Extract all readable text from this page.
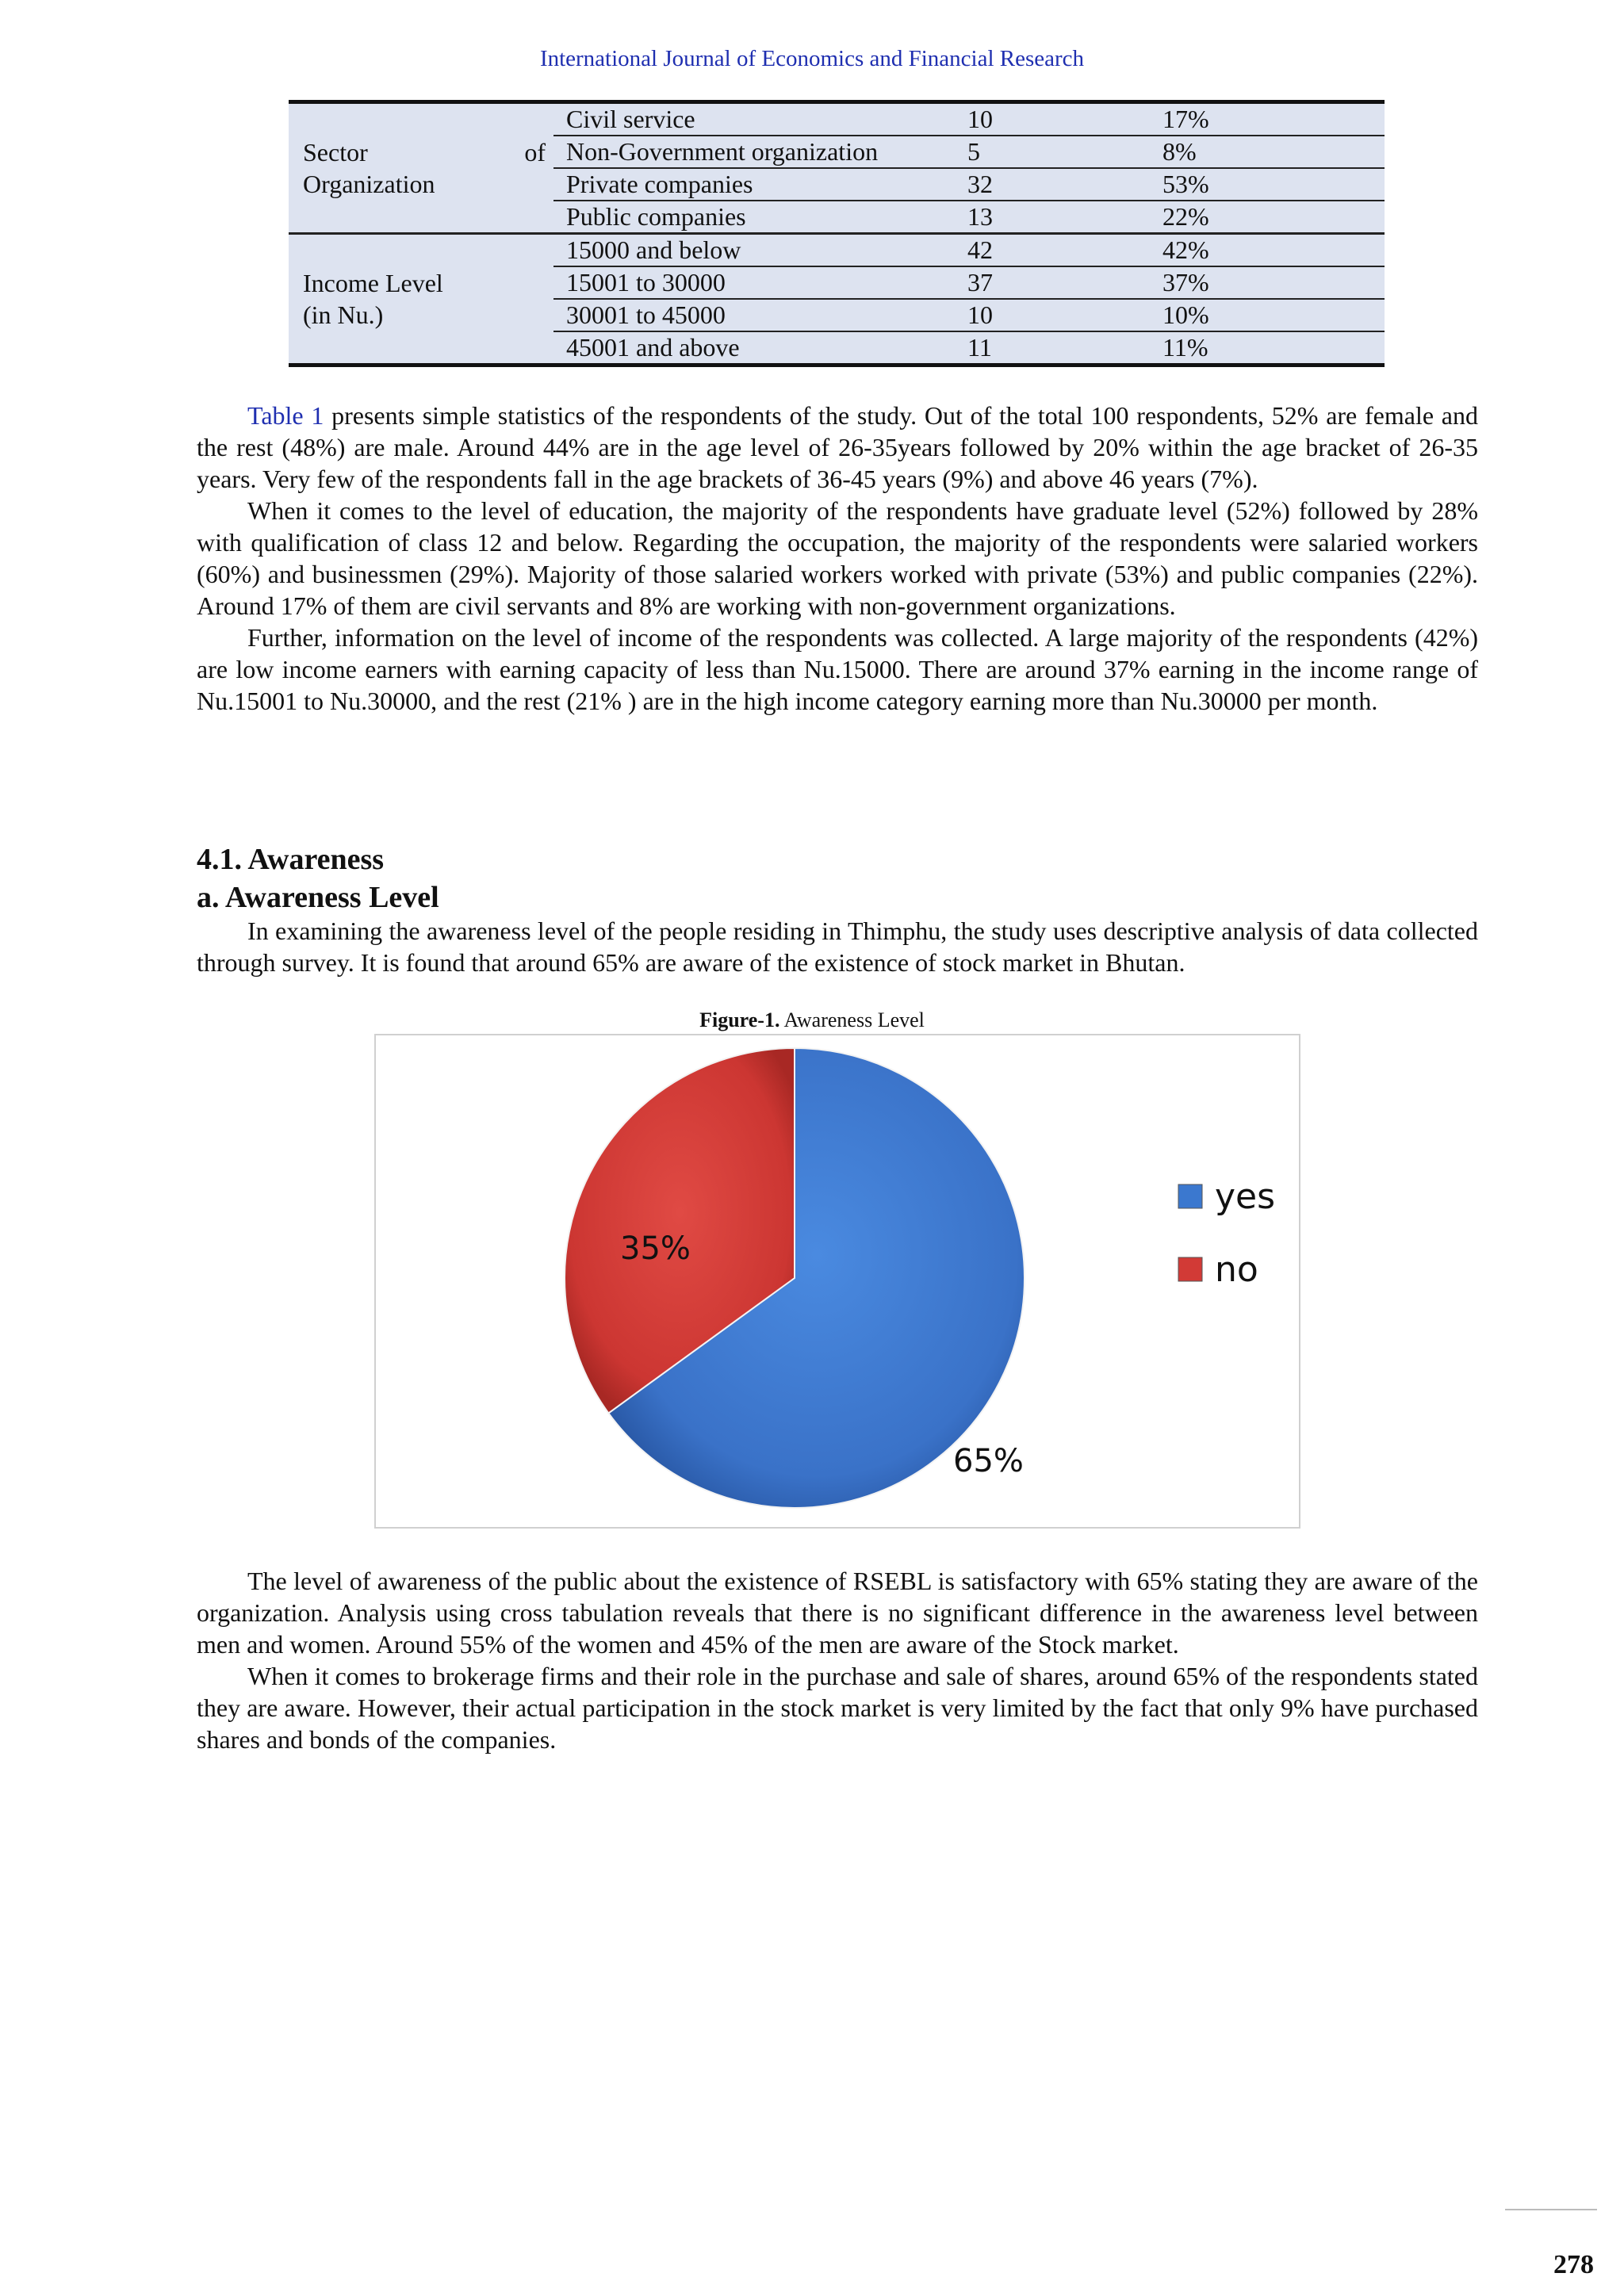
International Journal of Economics and Financial Research
Sector of
Organization	Civil service	10	17%
	Non-Government organization	5	8%
	Private companies	32	53%
	Public companies	13	22%

Income Level
(in Nu.)	15000 and below	42	42%
	15001 to 30000	37	37%
	30001 to 45000	10	10%
	45001 and above	11	11%

Table 1 presents simple statistics of the respondents of the study. Out of the total 100 respondents, 52% are female and the rest (48%) are male. Around 44% are in the age level of 26-35years followed by 20% within the age bracket of 26-35 years. Very few of the respondents fall in the age brackets of 36-45 years (9%) and above 46 years (7%).

When it comes to the level of education, the majority of the respondents have graduate level (52%) followed by 28% with qualification of class 12 and below. Regarding the occupation, the majority of the respondents were salaried workers (60%) and businessmen (29%). Majority of those salaried workers worked with private (53%) and public companies (22%). Around 17% of them are civil servants and 8% are working with non-government organizations.

Further, information on the level of income of the respondents was collected. A large majority of the respondents (42%) are low income earners with earning capacity of less than Nu.15000. There are around 37% earning in the income range of Nu.15001 to Nu.30000, and the rest (21% ) are in the high income category earning more than Nu.30000 per month.

4.1. Awareness
a. Awareness Level

In examining the awareness level of the people residing in Thimphu, the study uses descriptive analysis of data collected through survey. It is found that around 65% are aware of the existence of stock market in Bhutan.

Figure-1. Awareness Level
65%
35%
yes
no

The level of awareness of the public about the existence of RSEBL is satisfactory with 65% stating they are aware of the organization. Analysis using cross tabulation reveals that there is no significant difference in the awareness level between men and women. Around 55% of the women and 45% of the men are aware of the Stock market.

When it comes to brokerage firms and their role in the purchase and sale of shares, around 65% of the respondents stated they are aware. However, their actual participation in the stock market is very limited by the fact that only 9% have purchased shares and bonds of the companies.

278
